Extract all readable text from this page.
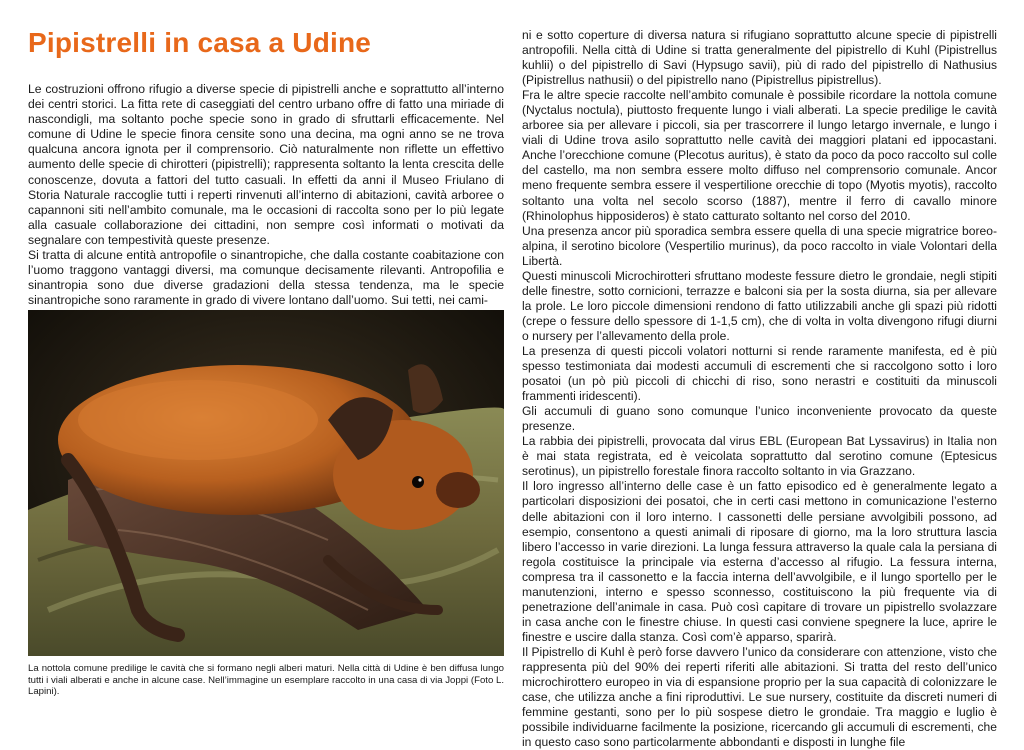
Pipistrelli in casa a Udine

Le costruzioni offrono rifugio a diverse specie di pipistrelli anche e soprattutto all’interno dei centri storici. La fitta rete di caseggiati del centro urbano offre di fatto una miriade di nascondigli, ma soltanto poche specie sono in grado di sfruttarli efficacemente. Nel comune di Udine le specie finora censite sono una decina, ma ogni anno se ne trova qualcuna ancora ignota per il comprensorio. Ciò naturalmente non riflette un effettivo aumento delle specie di chirotteri (pipistrelli); rappresenta soltanto la lenta crescita delle conoscenze, dovuta a fattori del tutto casuali. In effetti da anni il Museo Friulano di Storia Naturale raccoglie tutti i reperti rinvenuti all’interno di abitazioni, cavità arboree o capannoni siti nell’ambito comunale, ma le occasioni di raccolta sono per lo più legate alla casuale collaborazione dei cittadini, non sempre così informati o motivati da segnalare con tempestività queste presenze.

Si tratta di alcune entità antropofile o sinantropiche, che dalla costante coabitazione con l’uomo traggono vantaggi diversi, ma comunque decisamente rilevanti. Antropofilia e sinantropia sono due diverse gradazioni della stessa tendenza, ma le specie sinantropiche sono raramente in grado di vivere lontano dall’uomo. Sui tetti, nei cami-

La nottola comune predilige le cavità che si formano negli alberi maturi. Nella città di Udine è ben diffusa lungo tutti i viali alberati e anche in alcune case. Nell’immagine un esemplare raccolto in una casa di via Joppi (Foto L. Lapini).

ni e sotto coperture di diversa natura si rifugiano soprattutto alcune specie di pipistrelli antropofili. Nella città di Udine si tratta generalmente del pipistrello di Kuhl (Pipistrellus kuhlii) o del pipistrello di Savi (Hypsugo savii), più di rado del pipistrello di Nathusius (Pipistrellus nathusii) o del pipistrello nano (Pipistrellus pipistrellus).

Fra le altre specie raccolte nell’ambito comunale è possibile ricordare la nottola comune (Nyctalus noctula), piuttosto frequente lungo i viali alberati. La specie predilige le cavità arboree sia per allevare i piccoli, sia per trascorrere il lungo letargo invernale, e lungo i viali di Udine trova asilo soprattutto nelle cavità dei maggiori platani ed ippocastani. Anche l’orecchione comune (Plecotus auritus), è stato da poco da poco raccolto sul colle del castello, ma non sembra essere molto diffuso nel comprensorio comunale. Ancor meno frequente sembra essere il vespertilione orecchie di topo (Myotis myotis), raccolto soltanto una volta nel secolo scorso (1887), mentre il ferro di cavallo minore (Rhinolophus hipposideros) è stato catturato soltanto nel corso del 2010.

Una presenza ancor più sporadica sembra essere quella di una specie migratrice boreo-alpina, il serotino bicolore (Vespertilio murinus), da poco raccolto in viale Volontari della Libertà.

Questi minuscoli Microchirotteri sfruttano modeste fessure dietro le grondaie, negli stipiti delle finestre, sotto cornicioni, terrazze e balconi sia per la sosta diurna, sia per allevare la prole. Le loro piccole dimensioni rendono di fatto utilizzabili anche gli spazi più ridotti (crepe o fessure dello spessore di 1-1,5 cm), che di volta in volta divengono rifugi diurni o nursery per l’allevamento della prole.

La presenza di questi piccoli volatori notturni si rende raramente manifesta, ed è più spesso testimoniata dai modesti accumuli di escrementi che si raccolgono sotto i loro posatoi (un pò più piccoli di chicchi di riso, sono nerastri e costituiti da minuscoli frammenti iridescenti).

Gli accumuli di guano sono comunque l’unico inconveniente provocato da queste presenze.

La rabbia dei pipistrelli, provocata dal virus EBL (European Bat Lyssavirus) in Italia non è mai stata registrata, ed è veicolata soprattutto dal serotino comune (Eptesicus serotinus), un pipistrello forestale finora raccolto soltanto in via Grazzano.

Il loro ingresso all’interno delle case è un fatto episodico ed è generalmente legato a particolari disposizioni dei posatoi, che in certi casi mettono in comunicazione l’esterno delle abitazioni con il loro interno. I cassonetti delle persiane avvolgibili possono, ad esempio, consentono a questi animali di riposare di giorno, ma la loro struttura lascia libero l’accesso in varie direzioni. La lunga fessura attraverso la quale cala la persiana di regola costituisce la principale via esterna d’accesso al rifugio. La fessura interna, compresa tra il cassonetto e la faccia interna dell’avvolgibile, e il lungo sportello per le manutenzioni, interno e spesso sconnesso, costituiscono la più frequente via di penetrazione dell’animale in casa. Può così capitare di trovare un pipistrello svolazzare in casa anche con le finestre chiuse. In questi casi conviene spegnere la luce, aprire le finestre e uscire dalla stanza. Così com’è apparso, sparirà.

Il Pipistrello di Kuhl è però forse davvero l’unico da considerare con attenzione, visto che rappresenta più del 90% dei reperti riferiti alle abitazioni. Si tratta del resto dell’unico microchirottero europeo in via di espansione proprio per la sua capacità di colonizzare le case, che utilizza anche a fini riproduttivi. Le sue nursery, costituite da discreti numeri di femmine gestanti, sono per lo più sospese dietro le grondaie. Tra maggio e luglio è possibile individuarne facilmente la posizione, ricercando gli accumuli di escrementi, che in questo caso sono particolarmente abbondanti e disposti in lunghe file
